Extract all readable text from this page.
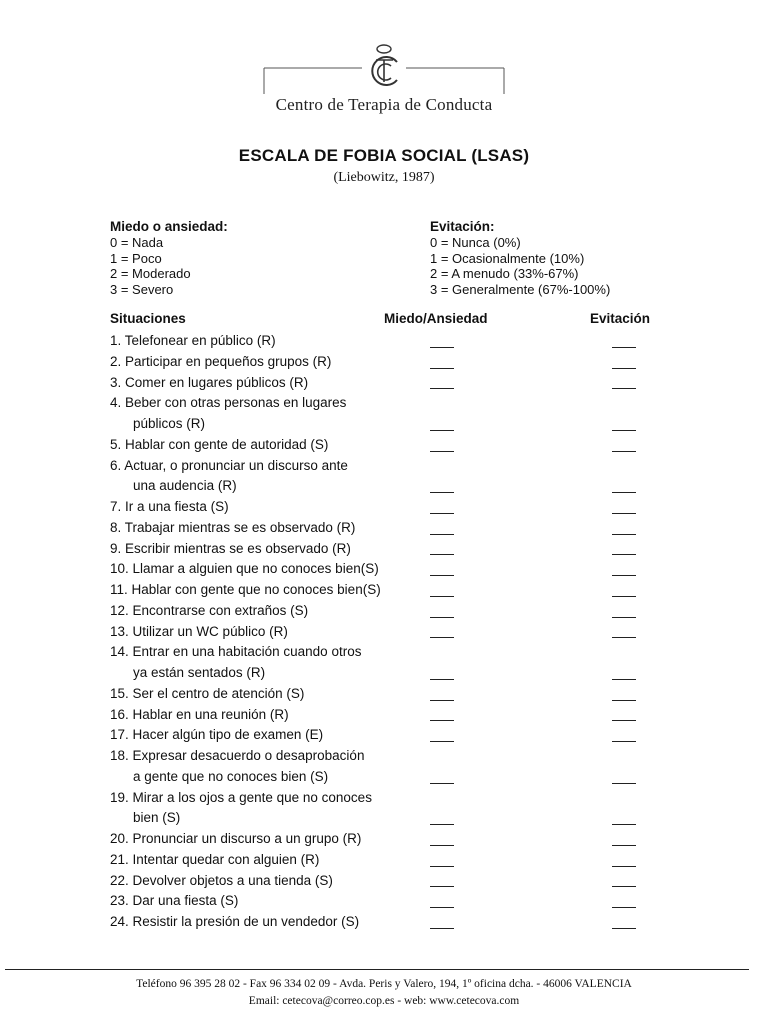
Centro de Terapia de Conducta
ESCALA DE FOBIA SOCIAL (LSAS)
(Liebowitz, 1987)
Miedo o ansiedad:
0 = Nada
1 = Poco
2 = Moderado
3 = Severo
Evitación:
0 = Nunca (0%)
1 = Ocasionalmente (10%)
2 = A menudo (33%-67%)
3 = Generalmente (67%-100%)
Situaciones	Miedo/Ansiedad	Evitación
1. Telefonear en público (R)
2. Participar en pequeños grupos (R)
3. Comer en lugares públicos (R)
4. Beber con otras personas en lugares
públicos (R)
5. Hablar con gente de autoridad (S)
6. Actuar, o pronunciar un discurso ante
una audencia (R)
7. Ir a una fiesta (S)
8. Trabajar mientras se es observado (R)
9. Escribir mientras se es observado (R)
10. Llamar a alguien que no conoces bien(S)
11. Hablar con gente que no conoces bien(S)
12. Encontrarse con extraños (S)
13. Utilizar un WC público (R)
14. Entrar en una habitación cuando otros
ya están sentados (R)
15. Ser el centro de atención (S)
16. Hablar en una reunión (R)
17. Hacer algún tipo de examen (E)
18. Expresar desacuerdo o desaprobación
a gente que no conoces bien (S)
19. Mirar a los ojos a gente que no conoces
bien (S)
20. Pronunciar un discurso a un grupo (R)
21. Intentar quedar con alguien (R)
22. Devolver objetos a una tienda (S)
23. Dar una fiesta (S)
24. Resistir la presión de un vendedor (S)
Teléfono 96 395 28 02 - Fax 96 334 02 09 - Avda. Peris y Valero, 194, 1º oficina dcha. - 46006 VALENCIA
Email: cetecova@correo.cop.es - web: www.cetecova.com
